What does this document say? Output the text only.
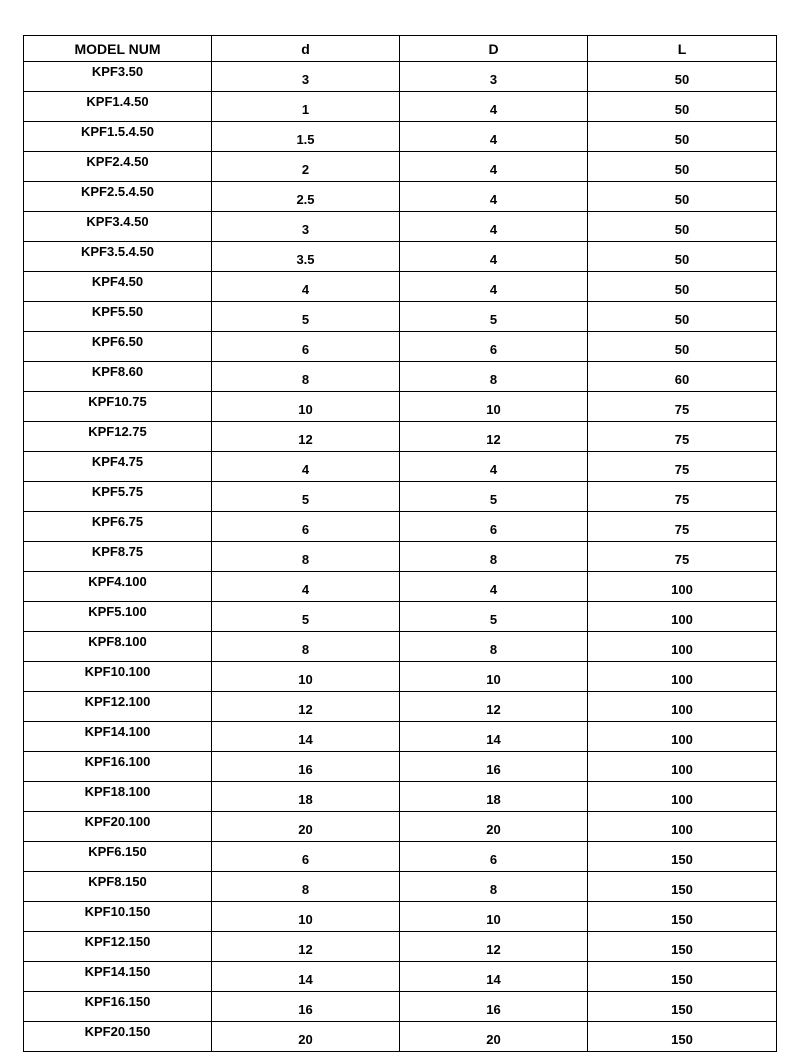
MODEL NUM	d	D	L
KPF3.50	3	3	50
KPF1.4.50	1	4	50
KPF1.5.4.50	1.5	4	50
KPF2.4.50	2	4	50
KPF2.5.4.50	2.5	4	50
KPF3.4.50	3	4	50
KPF3.5.4.50	3.5	4	50
KPF4.50	4	4	50
KPF5.50	5	5	50
KPF6.50	6	6	50
KPF8.60	8	8	60
KPF10.75	10	10	75
KPF12.75	12	12	75
KPF4.75	4	4	75
KPF5.75	5	5	75
KPF6.75	6	6	75
KPF8.75	8	8	75
KPF4.100	4	4	100
KPF5.100	5	5	100
KPF8.100	8	8	100
KPF10.100	10	10	100
KPF12.100	12	12	100
KPF14.100	14	14	100
KPF16.100	16	16	100
KPF18.100	18	18	100
KPF20.100	20	20	100
KPF6.150	6	6	150
KPF8.150	8	8	150
KPF10.150	10	10	150
KPF12.150	12	12	150
KPF14.150	14	14	150
KPF16.150	16	16	150
KPF20.150	20	20	150
